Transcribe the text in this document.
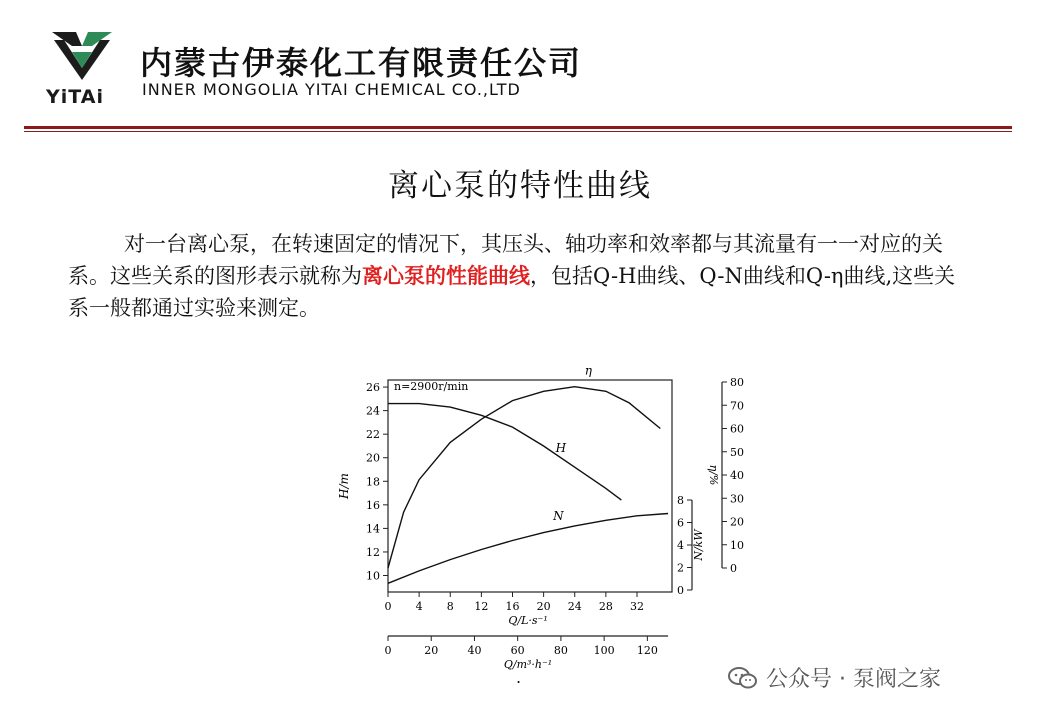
YiTAi
内蒙古伊泰化工有限责任公司
INNER MONGOLIA YITAI CHEMICAL CO.,LTD
离心泵的特性曲线
对一台离心泵，在转速固定的情况下，其压头、轴功率和效率都与其流量有一一对应的关系。这些关系的图形表示就称为离心泵的性能曲线，包括Q-H曲线、Q-N曲线和Q-η曲线,这些关系一般都通过实验来测定。
26
24
22
20
18
16
14
12
10
H/m
0 4 8 12 16 20 24 28 32
Q/L·s⁻¹
0	20	40	60	80 100 120
Q/m³·h⁻¹
8
6
4
2
0
N/kW
80
70
60
50
40
30
20
10
0
η/%
n=2900r/min
H
N
η
.	公众号 · 泵阀之家
